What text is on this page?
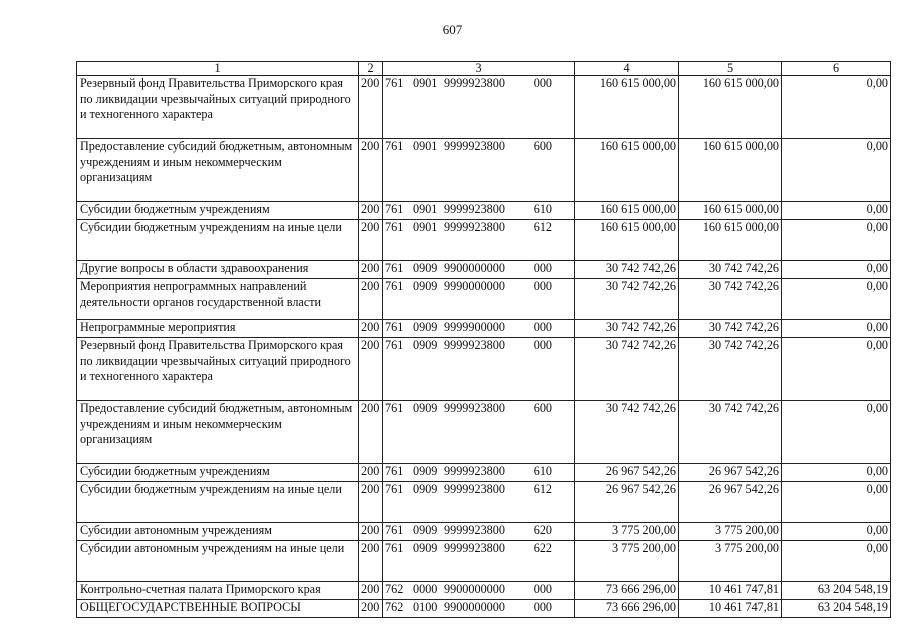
607
1	2	3	4	5	6
Резервный фонд Правительства Приморского края по ликвидации чрезвычайных ситуаций природного и техногенного характера	200	761 0901 9999923800 000	160 615 000,00	160 615 000,00	0,00
Предоставление субсидий бюджетным, автономным учреждениям и иным некоммерческим организациям	200	761 0901 9999923800 600	160 615 000,00	160 615 000,00	0,00
Субсидии бюджетным учреждениям	200	761 0901 9999923800 610	160 615 000,00	160 615 000,00	0,00
Субсидии бюджетным учреждениям на иные цели	200	761 0901 9999923800 612	160 615 000,00	160 615 000,00	0,00
Другие вопросы в области здравоохранения	200	761 0909 9900000000 000	30 742 742,26	30 742 742,26	0,00
Мероприятия непрограммных направлений деятельности органов государственной власти	200	761 0909 9990000000 000	30 742 742,26	30 742 742,26	0,00
Непрограммные мероприятия	200	761 0909 9999900000 000	30 742 742,26	30 742 742,26	0,00
Резервный фонд Правительства Приморского края по ликвидации чрезвычайных ситуаций природного и техногенного характера	200	761 0909 9999923800 000	30 742 742,26	30 742 742,26	0,00
Предоставление субсидий бюджетным, автономным учреждениям и иным некоммерческим организациям	200	761 0909 9999923800 600	30 742 742,26	30 742 742,26	0,00
Субсидии бюджетным учреждениям	200	761 0909 9999923800 610	26 967 542,26	26 967 542,26	0,00
Субсидии бюджетным учреждениям на иные цели	200	761 0909 9999923800 612	26 967 542,26	26 967 542,26	0,00
Субсидии автономным учреждениям	200	761 0909 9999923800 620	3 775 200,00	3 775 200,00	0,00
Субсидии автономным учреждениям на иные цели	200	761 0909 9999923800 622	3 775 200,00	3 775 200,00	0,00
Контрольно-счетная палата Приморского края	200	762 0000 9900000000 000	73 666 296,00	10 461 747,81	63 204 548,19
ОБЩЕГОСУДАРСТВЕННЫЕ ВОПРОСЫ	200	762 0100 9900000000 000	73 666 296,00	10 461 747,81	63 204 548,19
